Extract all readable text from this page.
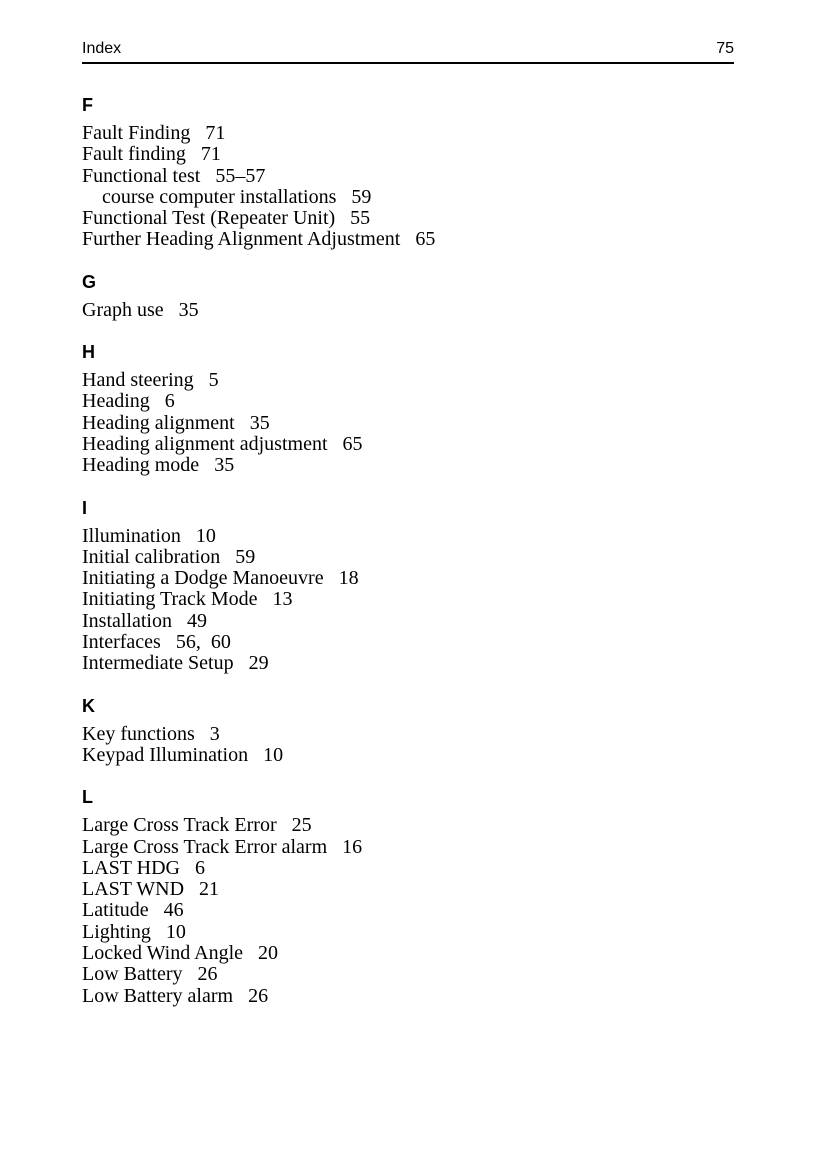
Index	75
F
Fault Finding 71
Fault finding 71
Functional test 55–57
course computer installations 59
Functional Test (Repeater Unit) 55
Further Heading Alignment Adjustment 65
G
Graph use 35
H
Hand steering 5
Heading 6
Heading alignment 35
Heading alignment adjustment 65
Heading mode 35
I
Illumination 10
Initial calibration 59
Initiating a Dodge Manoeuvre 18
Initiating Track Mode 13
Installation 49
Interfaces 56,  60
Intermediate Setup 29
K
Key functions 3
Keypad Illumination 10
L
Large Cross Track Error 25
Large Cross Track Error alarm 16
LAST HDG 6
LAST WND 21
Latitude 46
Lighting 10
Locked Wind Angle 20
Low Battery 26
Low Battery alarm 26
